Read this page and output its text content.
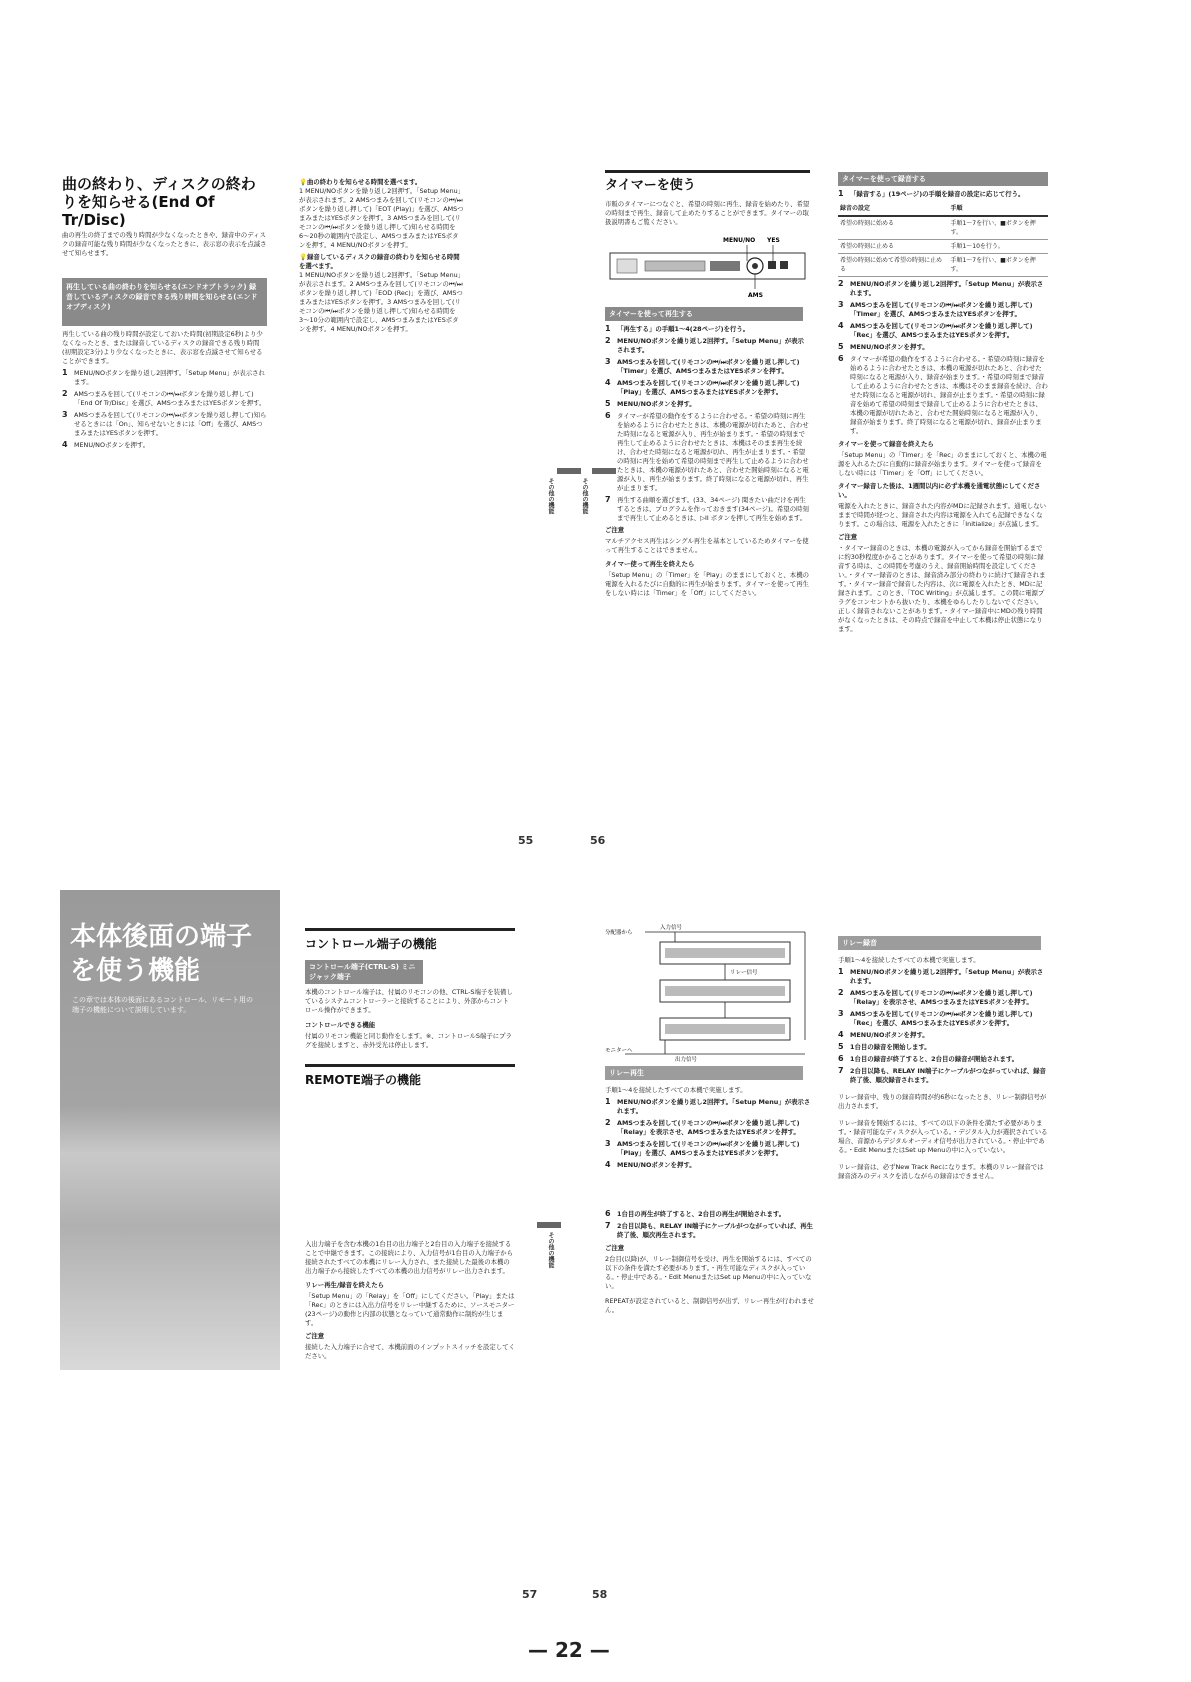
曲の終わり、ディスクの終わりを知らせる(End Of Tr/Disc)
曲の再生の終了までの残り時間が少なくなったときや、録音中のディスクの録音可能な残り時間が少なくなったときに、表示窓の表示を点滅させて知らせます。
再生している曲の終わりを知らせる(エンドオブトラック) 録音しているディスクの録音できる残り時間を知らせる(エンドオブディスク)
再生している曲の残り時間が設定しておいた時間(初期設定6秒)より少なくなったとき、または録音しているディスクの録音できる残り時間(初期設定3分)より少なくなったときに、表示窓を点滅させて知らせることができます。
1 MENU/NOボタンを繰り返し2回押す。「Setup Menu」が表示されます。
2 AMSつまみを回して(リモコンの⏮/⏭ボタンを繰り返し押して)「End Of Tr/Disc」を選び、AMSつまみまたはYESボタンを押す。
3 AMSつまみを回して(リモコンの⏮/⏭ボタンを繰り返し押して)知らせるときには「On」、知らせないときには「Off」を選び、AMSつまみまたはYESボタンを押す。
4 MENU/NOボタンを押す。
💡曲の終わりを知らせる時間を選べます。
1 MENU/NOボタンを繰り返し2回押す。「Setup Menu」が表示されます。2 AMSつまみを回して(リモコンの⏮/⏭ボタンを繰り返し押して)「EOT (Play)」を選び、AMSつまみまたはYESボタンを押す。3 AMSつまみを回して(リモコンの⏮/⏭ボタンを繰り返し押して)知らせる時間を6〜20秒の範囲内で設定し、AMSつまみまたはYESボタンを押す。4 MENU/NOボタンを押す。
💡録音しているディスクの録音の終わりを知らせる時間を選べます。
1 MENU/NOボタンを繰り返し2回押す。「Setup Menu」が表示されます。2 AMSつまみを回して(リモコンの⏮/⏭ボタンを繰り返し押して)「EOD (Rec)」を選び、AMSつまみまたはYESボタンを押す。3 AMSつまみを回して(リモコンの⏮/⏭ボタンを繰り返し押して)知らせる時間を3〜10分の範囲内で設定し、AMSつまみまたはYESボタンを押す。4 MENU/NOボタンを押す。
55
その他の機能	その他の機能
タイマーを使う
市販のタイマーにつなぐと、希望の時刻に再生、録音を始めたり、希望の時刻まで再生、録音して止めたりすることができます。タイマーの取扱説明書もご覧ください。
MENU/NO YES
AMS
タイマーを使って再生する
1 「再生する」の手順1〜4(28ページ)を行う。
2 MENU/NOボタンを繰り返し2回押す。「Setup Menu」が表示されます。
3 AMSつまみを回して(リモコンの⏮/⏭ボタンを繰り返し押して)「Timer」を選び、AMSつまみまたはYESボタンを押す。
4 AMSつまみを回して(リモコンの⏮/⏭ボタンを繰り返し押して)「Play」を選び、AMSつまみまたはYESボタンを押す。
5 MENU/NOボタンを押す。
6 タイマーが希望の動作をするように合わせる。・希望の時刻に再生を始めるように合わせたときは、本機の電源が切れたあと、合わせた時刻になると電源が入り、再生が始まります。・希望の時刻まで再生して止めるように合わせたときは、本機はそのまま再生を続け、合わせた時刻になると電源が切れ、再生が止まります。・希望の時刻に再生を始めて希望の時刻まで再生して止めるように合わせたときは、本機の電源が切れたあと、合わせた開始時刻になると電源が入り、再生が始まります。終了時刻になると電源が切れ、再生が止まります。
7 再生する曲順を選びます。(33、34ページ) 聞きたい曲だけを再生するときは、プログラムを作っておきます(34ページ)。希望の時刻まで再生して止めるときは、▷II ボタンを押して再生を始めます。
ご注意
マルチアクセス再生はシングル再生を基本としているためタイマーを使って再生することはできません。
タイマー使って再生を終えたら
「Setup Menu」の「Timer」を「Play」のままにしておくと、本機の電源を入れるたびに自動的に再生が始まります。タイマーを使って再生をしない時には「Timer」を「Off」にしてください。
56
タイマーを使って録音する
1 「録音する」(19ページ)の手順を録音の設定に応じて行う。
録音の設定	手順
希望の時刻に始める	手順1〜7を行い、■ボタンを押す。
希望の時刻に止める	手順1〜10を行う。
希望の時刻に始めて希望の時刻に止める	手順1〜7を行い、■ボタンを押す。
2 MENU/NOボタンを繰り返し2回押す。「Setup Menu」が表示されます。
3 AMSつまみを回して(リモコンの⏮/⏭ボタンを繰り返し押して)「Timer」を選び、AMSつまみまたはYESボタンを押す。
4 AMSつまみを回して(リモコンの⏮/⏭ボタンを繰り返し押して)「Rec」を選び、AMSつまみまたはYESボタンを押す。
5 MENU/NOボタンを押す。
6 タイマーが希望の動作をするように合わせる。・希望の時刻に録音を始めるように合わせたときは、本機の電源が切れたあと、合わせた時刻になると電源が入り、録音が始まります。・希望の時刻まで録音して止めるように合わせたときは、本機はそのまま録音を続け、合わせた時刻になると電源が切れ、録音が止まります。・希望の時刻に録音を始めて希望の時刻まで録音して止めるように合わせたときは、本機の電源が切れたあと、合わせた開始時刻になると電源が入り、録音が始まります。終了時刻になると電源が切れ、録音が止まります。
タイマーを使って録音を終えたら
「Setup Menu」の「Timer」を「Rec」のままにしておくと、本機の電源を入れるたびに自動的に録音が始まります。タイマーを使って録音をしない時には「Timer」を「Off」にしてください。
タイマー録音した後は、1週間以内に必ず本機を通電状態にしてください。
電源を入れたときに、録音された内容がMDに記録されます。通電しないままで時間が経つと、録音された内容は電源を入れても記録できなくなります。この場合は、電源を入れたときに「Initialize」が点滅します。
ご注意
・タイマー録音のときは、本機の電源が入ってから録音を開始するまでに約30秒程度かかることがあります。タイマーを使って希望の時刻に録音する時は、この時間を考慮のうえ、録音開始時間を設定してください。・タイマー録音のときは、録音済み部分の終わりに続けて録音されます。・タイマー録音で録音した内容は、次に電源を入れたとき、MDに記録されます。このとき、「TOC Writing」が点滅します。この間に電源プラグをコンセントから抜いたり、本機をゆらしたりしないでください。正しく録音されないことがあります。・タイマー録音中にMDの残り時間がなくなったときは、その時点で録音を中止して本機は停止状態になります。
本体後面の端子を使う機能
この章では本体の後面にあるコントロール、リモート用の端子の機能について説明しています。
コントロール端子の機能
コントロール端子(CTRL-S) ミニジャック端子
本機のコントロール端子は、付属のリモコンの他、CTRL-S端子を装備しているシステムコントローラーと接続することにより、外部からコントロール操作ができます。
コントロールできる機能
付属のリモコン機能と同じ動作をします。※、コントロールS端子にプラグを接続しますと、赤外受光は停止します。
REMOTE端子の機能
入出力端子を含む本機の1台目の出力端子と2台目の入力端子を接続することで中継できます。この接続により、入力信号が1台目の入力端子から接続されたすべての本機にリレー入力され、また接続した最後の本機の出力端子から接続したすべての本機の出力信号がリレー出力されます。
リレー再生/録音を終えたら
「Setup Menu」の「Relay」を「Off」にしてください。「Play」または「Rec」のときには入出力信号をリレー中継するために、ソースモニター(23ページ)の動作と内部の状態となっていて通常動作に制約が生じます。
ご注意
接続した入力端子に合せて、本機前面のインプットスイッチを設定してください。
57
その他の機能
分配器から
入力信号
リレー信号
モニターへ
出力信号
リレー再生
手順1〜4を接続したすべての本機で実施します。
1 MENU/NOボタンを繰り返し2回押す。「Setup Menu」が表示されます。
2 AMSつまみを回して(リモコンの⏮/⏭ボタンを繰り返し押して)「Relay」を表示させ、AMSつまみまたはYESボタンを押す。
3 AMSつまみを回して(リモコンの⏮/⏭ボタンを繰り返し押して)「Play」を選び、AMSつまみまたはYESボタンを押す。
4 MENU/NOボタンを押す。
6 1台目の再生が終了すると、2台目の再生が開始されます。
7 2台目以降も、RELAY IN端子にケーブルがつながっていれば、再生終了後、順次再生されます。
ご注意
2台目(以降)が、リレー制御信号を受け、再生を開始するには、すべての以下の条件を満たす必要があります。・再生可能なディスクが入っている。・停止中である。・Edit MenuまたはSet up Menuの中に入っていない。
REPEATが設定されていると、制御信号が出ず、リレー再生が行われません。
58
リレー録音
手順1〜4を接続したすべての本機で実施します。
1 MENU/NOボタンを繰り返し2回押す。「Setup Menu」が表示されます。
2 AMSつまみを回して(リモコンの⏮/⏭ボタンを繰り返し押して)「Relay」を表示させ、AMSつまみまたはYESボタンを押す。
3 AMSつまみを回して(リモコンの⏮/⏭ボタンを繰り返し押して)「Rec」を選び、AMSつまみまたはYESボタンを押す。
4 MENU/NOボタンを押す。
5 1台目の録音を開始します。
6 1台目の録音が終了すると、2台目の録音が開始されます。
7 2台目以降も、RELAY IN端子にケーブルがつながっていれば、録音終了後、順次録音されます。
リレー録音中、残りの録音時間が約6秒になったとき、リレー制御信号が出力されます。
リレー録音を開始するには、すべての以下の条件を満たす必要があります。・録音可能なディスクが入っている。・デジタル入力が選択されている場合、音源からデジタルオーディオ信号が出力されている。・停止中である。・Edit MenuまたはSet up Menuの中に入っていない。
リレー録音は、必ずNew Track Recになります。本機のリレー録音では録音済みのディスクを消しながらの録音はできません。
— 22 —
